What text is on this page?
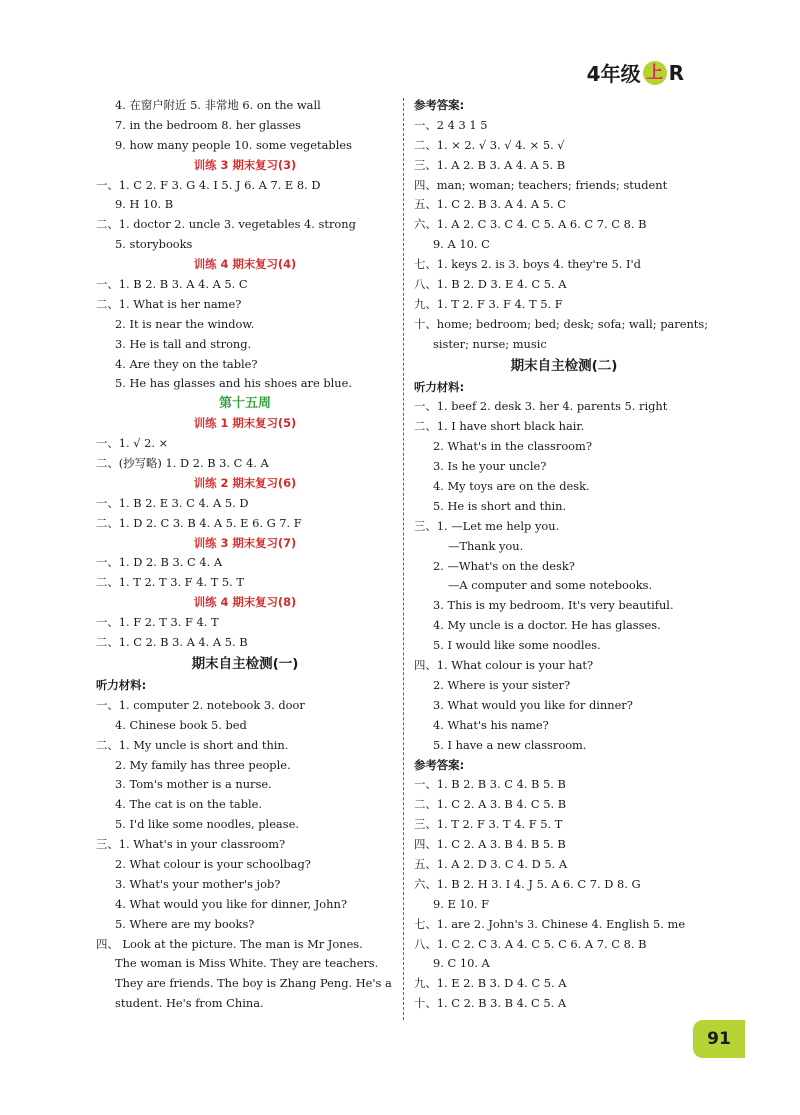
4年级 上 R
4. 在窗户附近 5. 非常地 6. on the wall
7. in the bedroom 8. her glasses
9. how many people 10. some vegetables
训练 3 期末复习(3)
一、1. C 2. F 3. G 4. I 5. J 6. A 7. E 8. D
9. H 10. B
二、1. doctor 2. uncle 3. vegetables 4. strong
5. storybooks
训练 4 期末复习(4)
一、1. B 2. B 3. A 4. A 5. C
二、1. What is her name?
2. It is near the window.
3. He is tall and strong.
4. Are they on the table?
5. He has glasses and his shoes are blue.
第十五周
训练 1 期末复习(5)
一、1. √ 2. ×
二、(抄写略) 1. D 2. B 3. C 4. A
训练 2 期末复习(6)
一、1. B 2. E 3. C 4. A 5. D
二、1. D 2. C 3. B 4. A 5. E 6. G 7. F
训练 3 期末复习(7)
一、1. D 2. B 3. C 4. A
二、1. T 2. T 3. F 4. T 5. T
训练 4 期末复习(8)
一、1. F 2. T 3. F 4. T
二、1. C 2. B 3. A 4. A 5. B
期末自主检测(一)
听力材料:
一、1. computer 2. notebook 3. door
4. Chinese book 5. bed
二、1. My uncle is short and thin.
2. My family has three people.
3. Tom's mother is a nurse.
4. The cat is on the table.
5. I'd like some noodles, please.
三、1. What's in your classroom?
2. What colour is your schoolbag?
3. What's your mother's job?
4. What would you like for dinner, John?
5. Where are my books?
四、 Look at the picture. The man is Mr Jones.
The woman is Miss White. They are teachers.
They are friends. The boy is Zhang Peng. He's a
student. He's from China.
参考答案:
一、2 4 3 1 5
二、1. × 2. √ 3. √ 4. × 5. √
三、1. A 2. B 3. A 4. A 5. B
四、man; woman; teachers; friends; student
五、1. C 2. B 3. A 4. A 5. C
六、1. A 2. C 3. C 4. C 5. A 6. C 7. C 8. B
9. A 10. C
七、1. keys 2. is 3. boys 4. they're 5. I'd
八、1. B 2. D 3. E 4. C 5. A
九、1. T 2. F 3. F 4. T 5. F
十、home; bedroom; bed; desk; sofa; wall; parents;
sister; nurse; music
期末自主检测(二)
听力材料:
一、1. beef 2. desk 3. her 4. parents 5. right
二、1. I have short black hair.
2. What's in the classroom?
3. Is he your uncle?
4. My toys are on the desk.
5. He is short and thin.
三、1. —Let me help you.
—Thank you.
2. —What's on the desk?
—A computer and some notebooks.
3. This is my bedroom. It's very beautiful.
4. My uncle is a doctor. He has glasses.
5. I would like some noodles.
四、1. What colour is your hat?
2. Where is your sister?
3. What would you like for dinner?
4. What's his name?
5. I have a new classroom.
参考答案:
一、1. B 2. B 3. C 4. B 5. B
二、1. C 2. A 3. B 4. C 5. B
三、1. T 2. F 3. T 4. F 5. T
四、1. C 2. A 3. B 4. B 5. B
五、1. A 2. D 3. C 4. D 5. A
六、1. B 2. H 3. I 4. J 5. A 6. C 7. D 8. G
9. E 10. F
七、1. are 2. John's 3. Chinese 4. English 5. me
八、1. C 2. C 3. A 4. C 5. C 6. A 7. C 8. B
9. C 10. A
九、1. E 2. B 3. D 4. C 5. A
十、1. C 2. B 3. B 4. C 5. A
91
